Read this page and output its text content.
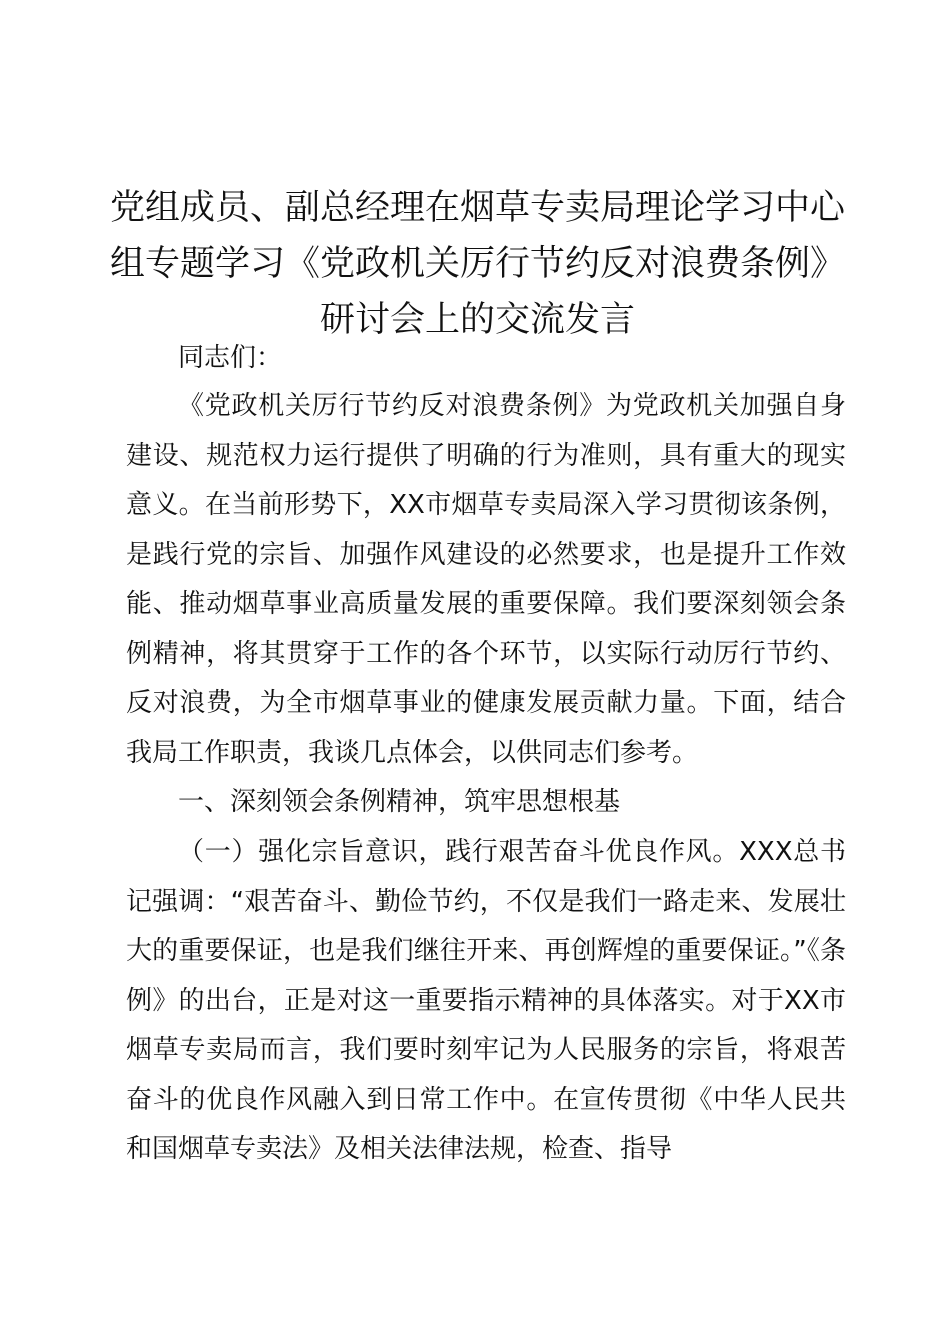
党组成员、副总经理在烟草专卖局理论学习中心组专题学习《党政机关厉行节约反对浪费条例》研讨会上的交流发言

同志们：

《党政机关厉行节约反对浪费条例》为党政机关加强自身建设、规范权力运行提供了明确的行为准则，具有重大的现实意义。在当前形势下，XX市烟草专卖局深入学习贯彻该条例，是践行党的宗旨、加强作风建设的必然要求，也是提升工作效能、推动烟草事业高质量发展的重要保障。我们要深刻领会条例精神，将其贯穿于工作的各个环节，以实际行动厉行节约、反对浪费，为全市烟草事业的健康发展贡献力量。下面，结合我局工作职责，我谈几点体会，以供同志们参考。

一、深刻领会条例精神，筑牢思想根基

（一）强化宗旨意识，践行艰苦奋斗优良作风。XXX总书记强调：“艰苦奋斗、勤俭节约，不仅是我们一路走来、发展壮大的重要保证，也是我们继往开来、再创辉煌的重要保证。”《条例》的出台，正是对这一重要指示精神的具体落实。对于XX市烟草专卖局而言，我们要时刻牢记为人民服务的宗旨，将艰苦奋斗的优良作风融入到日常工作中。在宣传贯彻《中华人民共和国烟草专卖法》及相关法律法规，检查、指导
